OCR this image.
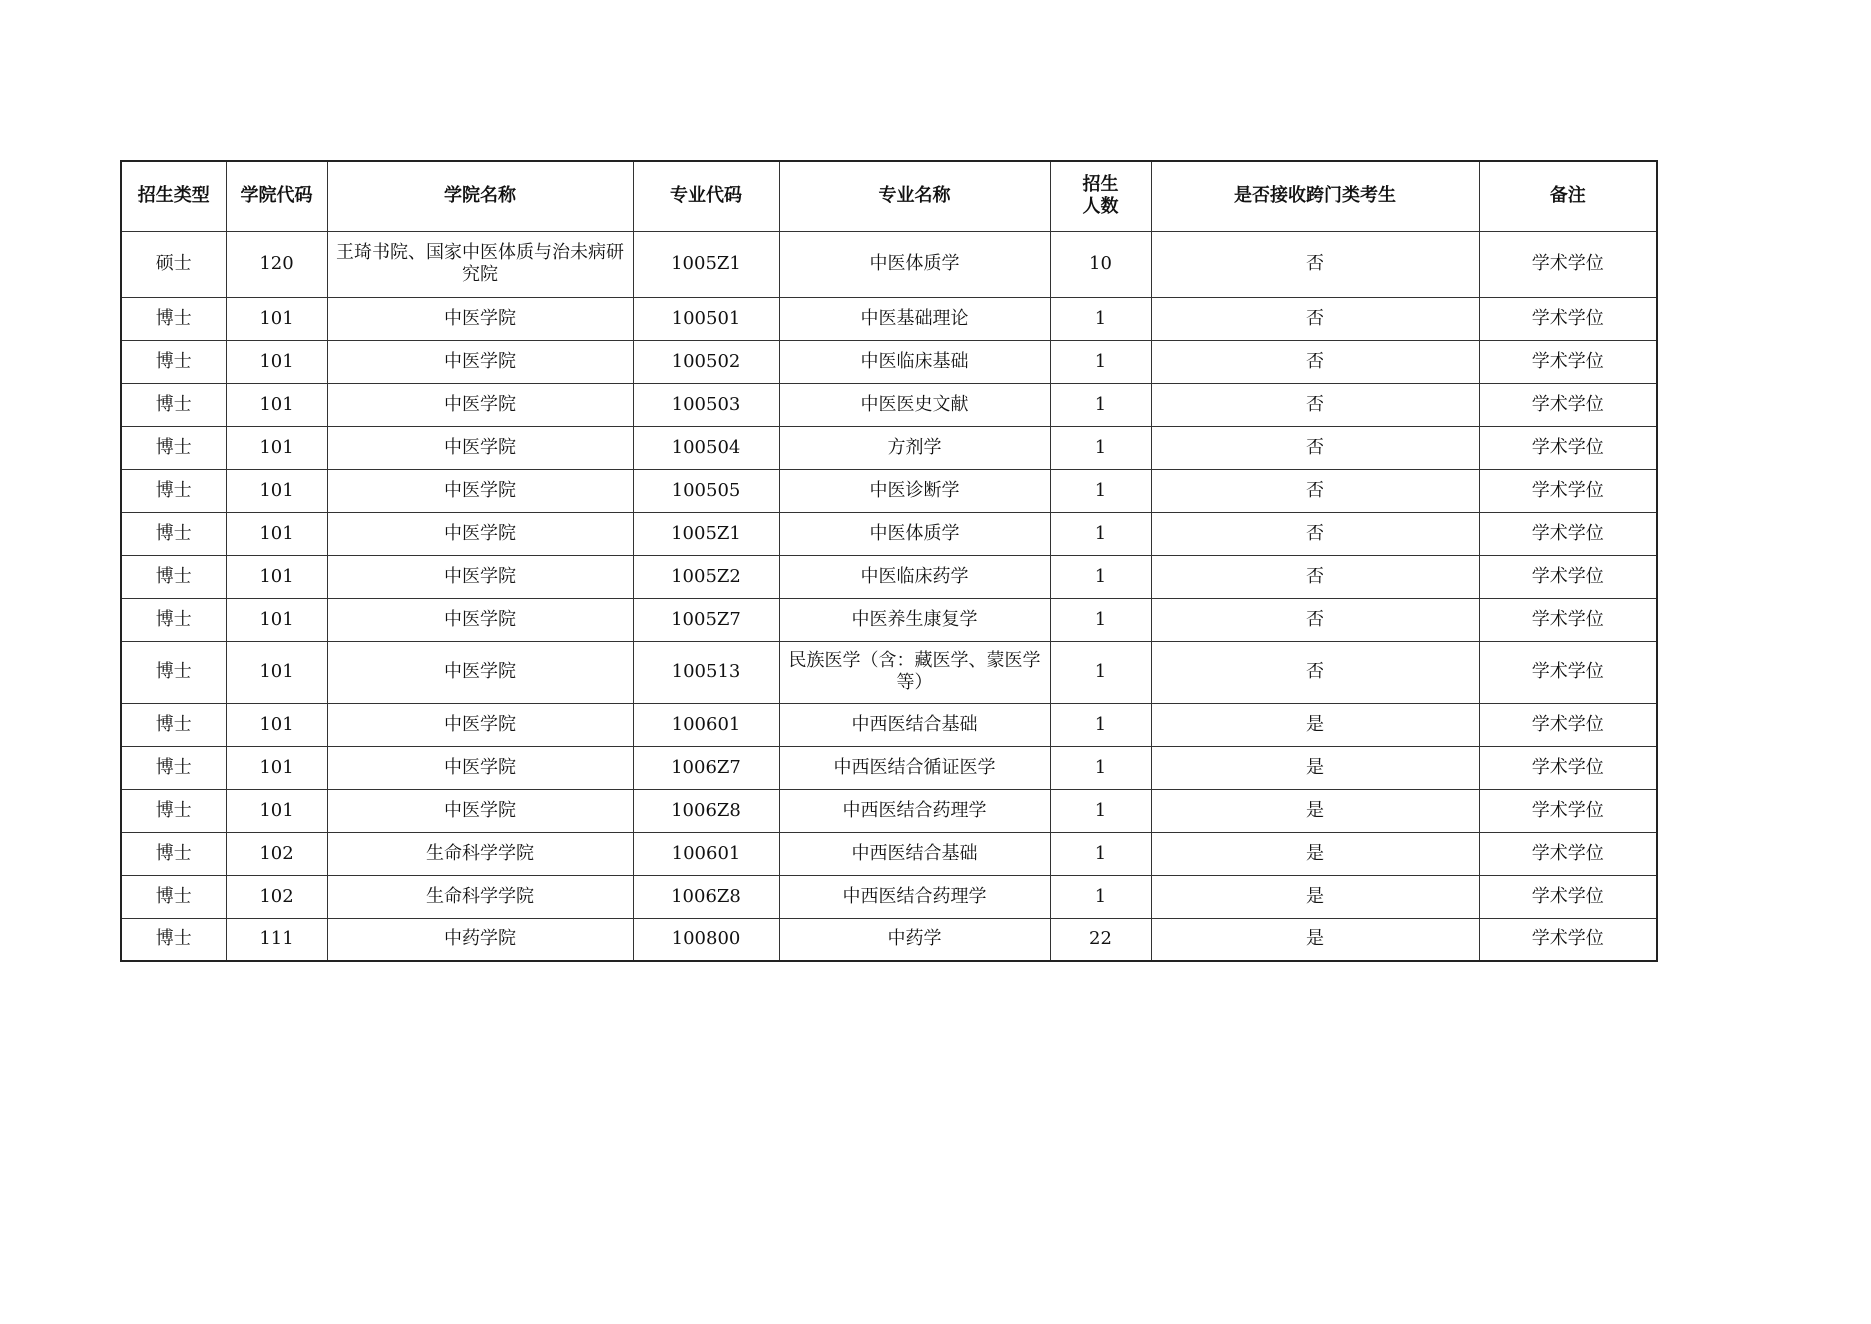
招生类型	学院代码	学院名称	专业代码	专业名称	招生人数	是否接收跨门类考生	备注
硕士	120	王琦书院、国家中医体质与治未病研究院	1005Z1	中医体质学	10	否	学术学位
博士	101	中医学院	100501	中医基础理论	1	否	学术学位
博士	101	中医学院	100502	中医临床基础	1	否	学术学位
博士	101	中医学院	100503	中医医史文献	1	否	学术学位
博士	101	中医学院	100504	方剂学	1	否	学术学位
博士	101	中医学院	100505	中医诊断学	1	否	学术学位
博士	101	中医学院	1005Z1	中医体质学	1	否	学术学位
博士	101	中医学院	1005Z2	中医临床药学	1	否	学术学位
博士	101	中医学院	1005Z7	中医养生康复学	1	否	学术学位
博士	101	中医学院	100513	民族医学（含：藏医学、蒙医学等）	1	否	学术学位
博士	101	中医学院	100601	中西医结合基础	1	是	学术学位
博士	101	中医学院	1006Z7	中西医结合循证医学	1	是	学术学位
博士	101	中医学院	1006Z8	中西医结合药理学	1	是	学术学位
博士	102	生命科学学院	100601	中西医结合基础	1	是	学术学位
博士	102	生命科学学院	1006Z8	中西医结合药理学	1	是	学术学位
博士	111	中药学院	100800	中药学	22	是	学术学位
